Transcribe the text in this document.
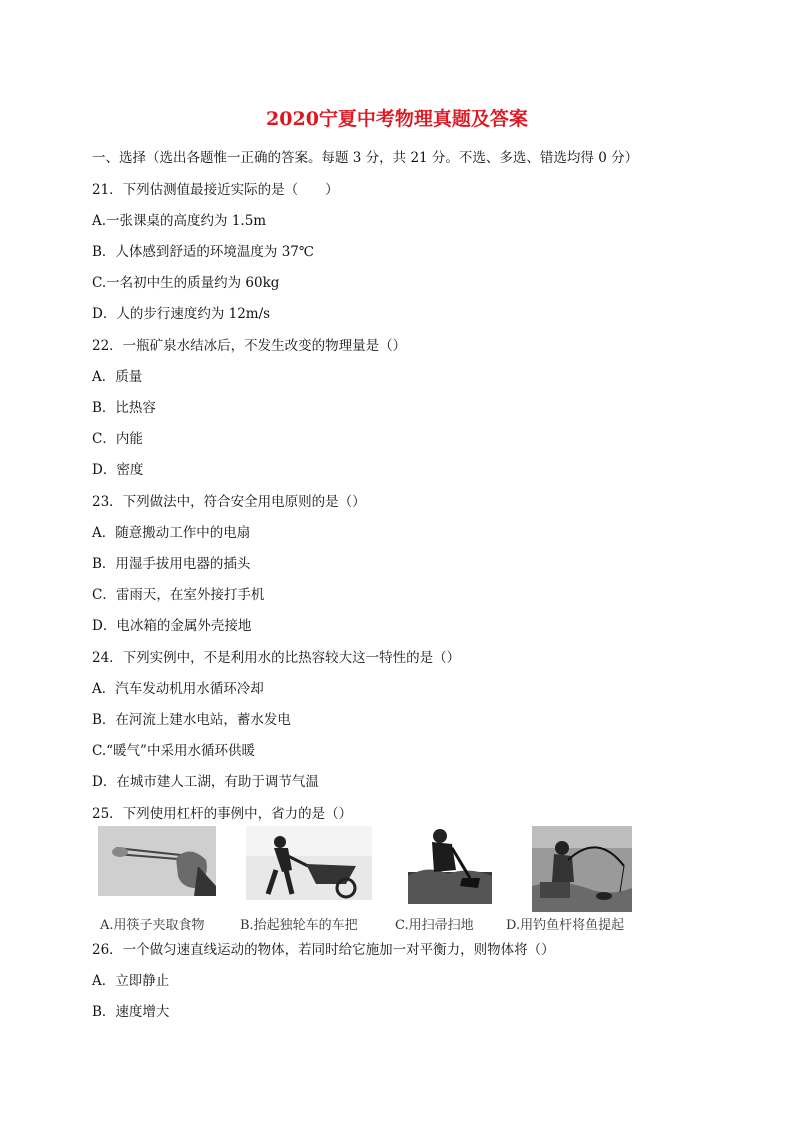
2020宁夏中考物理真题及答案
一、选择（选出各题惟一正确的答案。每题 3 分，共 21 分。不选、多选、错选均得 0 分）
21．下列估测值最接近实际的是（　　）
A.一张课桌的高度约为 1.5m
B．人体感到舒适的环境温度为 37℃
C.一名初中生的质量约为 60kg
D．人的步行速度约为 12m/s
22．一瓶矿泉水结冰后，不发生改变的物理量是（）
A．质量
B．比热容
C．内能
D．密度
23．下列做法中，符合安全用电原则的是（）
A．随意搬动工作中的电扇
B．用湿手拔用电器的插头
C．雷雨天，在室外接打手机
D．电冰箱的金属外壳接地
24．下列实例中，不是利用水的比热容较大这一特性的是（）
A．汽车发动机用水循环冷却
B．在河流上建水电站，蓄水发电
C.“暖气”中采用水循环供暖
D．在城市建人工湖，有助于调节气温
25．下列使用杠杆的事例中，省力的是（）
A.用筷子夹取食物	B.抬起独轮车的车把	C.用扫帚扫地 D.用钓鱼杆将鱼提起
26．一个做匀速直线运动的物体，若同时给它施加一对平衡力，则物体将（）
A．立即静止
B．速度增大
